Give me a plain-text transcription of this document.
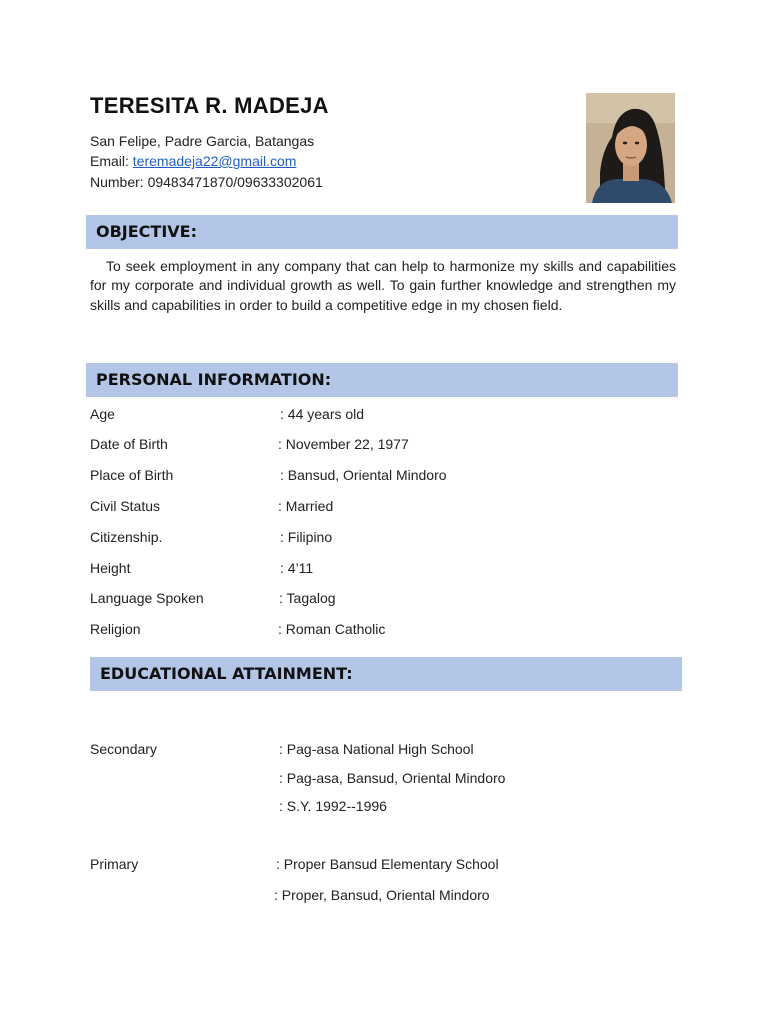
TERESITA R. MADEJA
San Felipe, Padre Garcia, Batangas
Email: teremadeja22@gmail.com
Number: 09483471870/09633302061
OBJECTIVE:
To seek employment in any company that can help to harmonize my skills and capabilities for my corporate and individual growth as well. To gain further knowledge and strengthen my skills and capabilities in order to build a competitive edge in my chosen field.
PERSONAL INFORMATION:
Age	: 44 years old
Date of Birth	: November 22, 1977
Place of Birth	: Bansud, Oriental Mindoro
Civil Status	: Married
Citizenship.	: Filipino
Height	: 4’11
Language Spoken	: Tagalog
Religion	: Roman Catholic
EDUCATIONAL ATTAINMENT:
Secondary	: Pag-asa National High School
: Pag-asa, Bansud, Oriental Mindoro
: S.Y. 1992--1996
Primary	: Proper Bansud Elementary School
: Proper, Bansud, Oriental Mindoro
